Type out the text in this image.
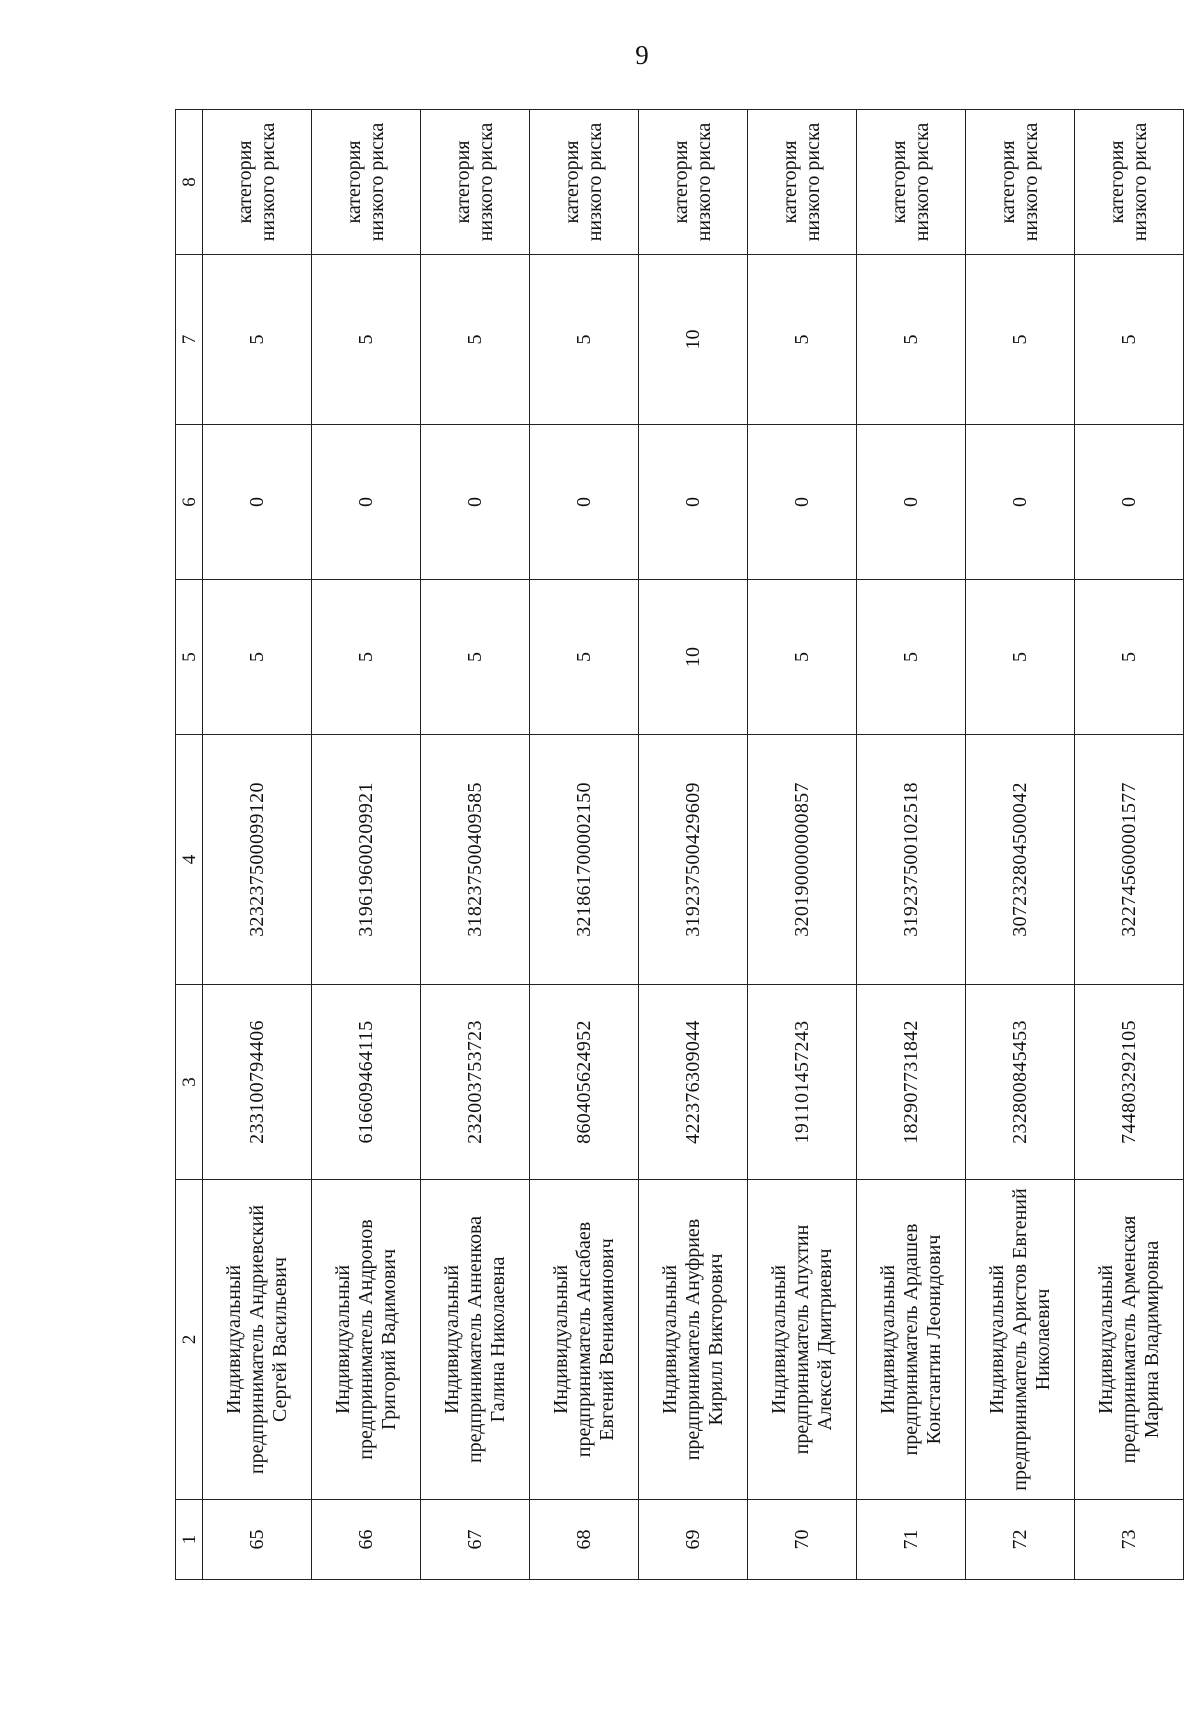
9
1	2	3	4	5	6	7	8
65	Индивидуальный предприниматель Андриевский Сергей Васильевич	233100794406	323237500099120	5	0	5	категория низкого риска
66	Индивидуальный предприниматель Андронов Григорий Вадимович	616609464115	319619600209921	5	0	5	категория низкого риска
67	Индивидуальный предприниматель Анненкова Галина Николаевна	232003753723	318237500409585	5	0	5	категория низкого риска
68	Индивидуальный предприниматель Ансабаев Евгений Вениаминович	860405624952	321861700002150	5	0	5	категория низкого риска
69	Индивидуальный предприниматель Ануфриев Кирилл Викторович	422376309044	319237500429609	10	0	10	категория низкого риска
70	Индивидуальный предприниматель Апухтин Алексей Дмитриевич	191101457243	320190000000857	5	0	5	категория низкого риска
71	Индивидуальный предприниматель Ардашев Константин Леонидович	182907731842	319237500102518	5	0	5	категория низкого риска
72	Индивидуальный предприниматель Аристов Евгений Николаевич	232800845453	307232804500042	5	0	5	категория низкого риска
73	Индивидуальный предприниматель Арменская Марина Владимировна	744803292105	322745600001577	5	0	5	категория низкого риска
